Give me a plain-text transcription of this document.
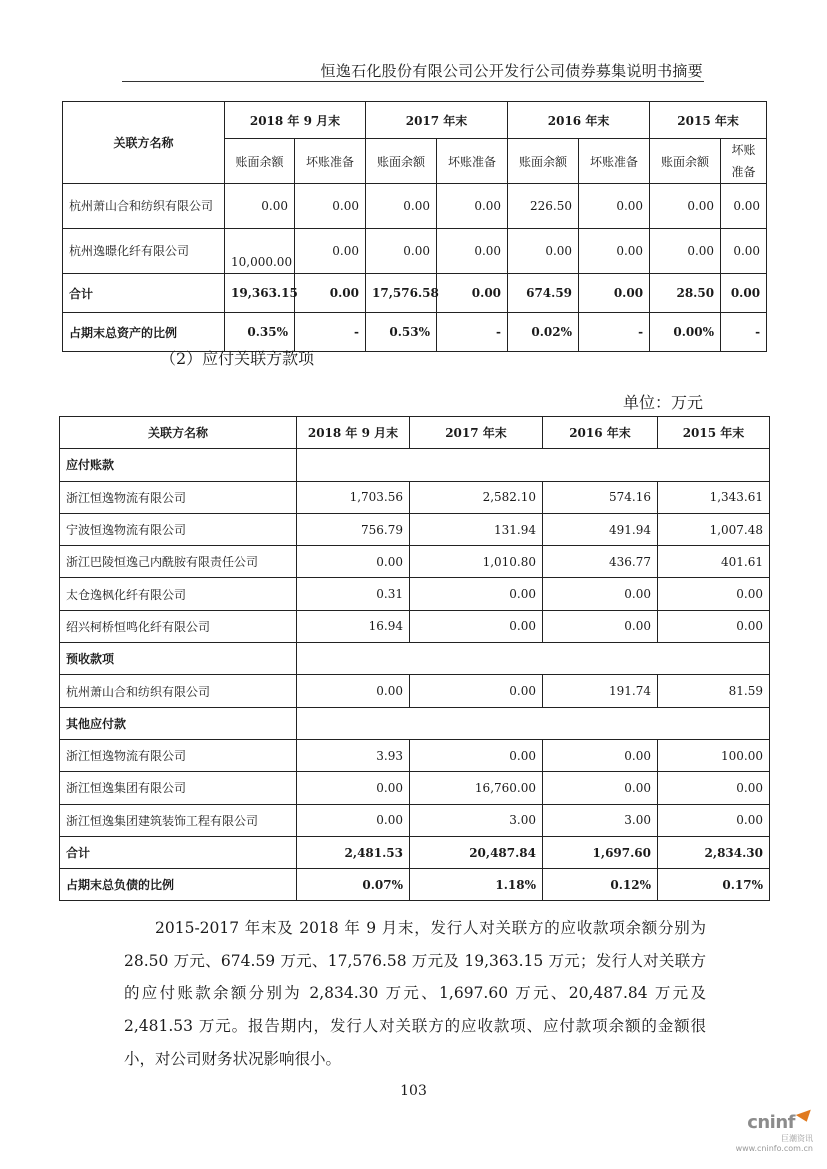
恒逸石化股份有限公司公开发行公司债券募集说明书摘要
关联方名称	2018 年 9 月末		2017 年末		2016 年末		2015 年末	
	账面余额	坏账准备	账面余额	坏账准备	账面余额	坏账准备	账面余额	坏账
准备
杭州萧山合和纺织有限公司	0.00	0.00	0.00	0.00	226.50	0.00	0.00	0.00
杭州逸暻化纤有限公司	10,000.00	0.00	0.00	0.00	0.00	0.00	0.00	0.00
合计	19,363.15	0.00	17,576.58	0.00	674.59	0.00	28.50	0.00
占期末总资产的比例	0.35%	-	0.53%	-	0.02%	-	0.00%	-
（2）应付关联方款项
单位：万元
关联方名称	2018 年 9 月末	2017 年末	2016 年末	2015 年末
应付账款				
浙江恒逸物流有限公司	1,703.56	2,582.10	574.16	1,343.61
宁波恒逸物流有限公司	756.79	131.94	491.94	1,007.48
浙江巴陵恒逸己内酰胺有限责任公司	0.00	1,010.80	436.77	401.61
太仓逸枫化纤有限公司	0.31	0.00	0.00	0.00
绍兴柯桥恒鸣化纤有限公司	16.94	0.00	0.00	0.00
预收款项				
杭州萧山合和纺织有限公司	0.00	0.00	191.74	81.59
其他应付款				
浙江恒逸物流有限公司	3.93	0.00	0.00	100.00
浙江恒逸集团有限公司	0.00	16,760.00	0.00	0.00
浙江恒逸集团建筑装饰工程有限公司	0.00	3.00	3.00	0.00
合计	2,481.53	20,487.84	1,697.60	2,834.30
占期末总负债的比例	0.07%	1.18%	0.12%	0.17%
2015-2017 年末及 2018 年 9 月末，发行人对关联方的应收款项余额分别为 28.50 万元、674.59 万元、17,576.58 万元及 19,363.15 万元；发行人对关联方的应付账款余额分别为 2,834.30 万元、1,697.60 万元、20,487.84 万元及 2,481.53 万元。报告期内，发行人对关联方的应收款项、应付款项余额的金额很小，对公司财务状况影响很小。
103
cninf
巨潮资讯
www.cninfo.com.cn
